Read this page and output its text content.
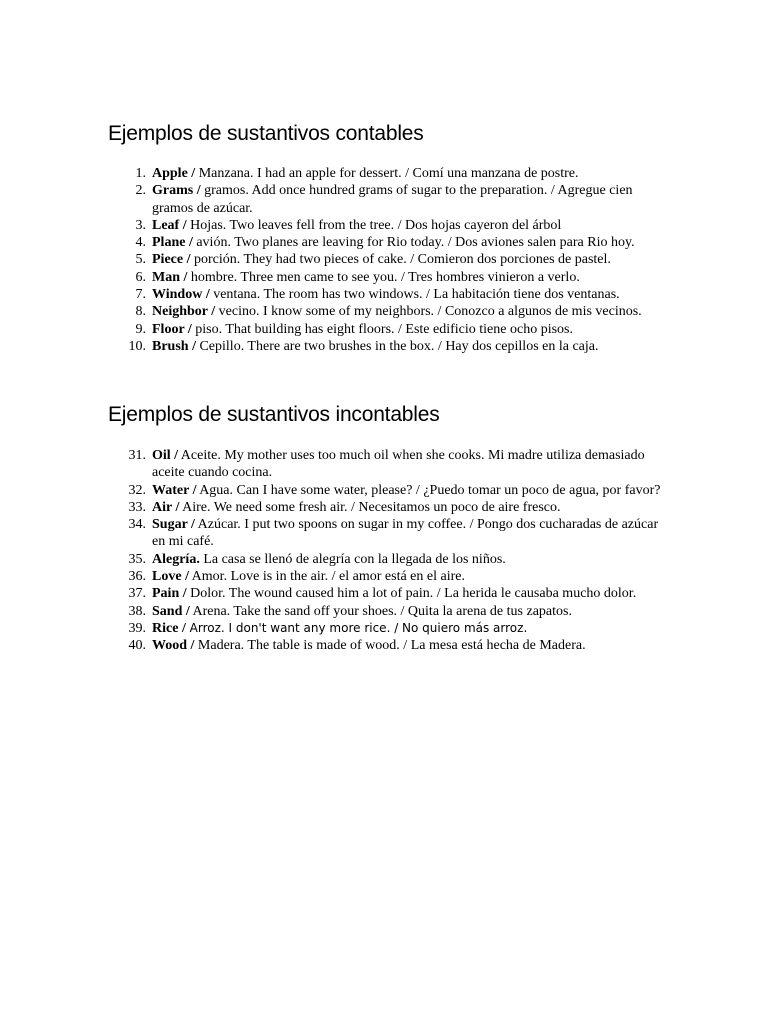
Ejemplos de sustantivos contables
1. Apple / Manzana. I had an apple for dessert. / Comí una manzana de postre.
2. Grams / gramos. Add once hundred grams of sugar to the preparation. / Agregue cien gramos de azúcar.
3. Leaf / Hojas. Two leaves fell from the tree. / Dos hojas cayeron del árbol
4. Plane / avión. Two planes are leaving for Rio today. / Dos aviones salen para Rio hoy.
5. Piece / porción. They had two pieces of cake. / Comieron dos porciones de pastel.
6. Man / hombre. Three men came to see you. / Tres hombres vinieron a verlo.
7. Window / ventana. The room has two windows. / La habitación tiene dos ventanas.
8. Neighbor / vecino. I know some of my neighbors. / Conozco a algunos de mis vecinos.
9. Floor / piso. That building has eight floors. / Este edificio tiene ocho pisos.
10. Brush / Cepillo. There are two brushes in the box. / Hay dos cepillos en la caja.
Ejemplos de sustantivos incontables
31. Oil / Aceite. My mother uses too much oil when she cooks. Mi madre utiliza demasiado aceite cuando cocina.
32. Water / Agua. Can I have some water, please? / ¿Puedo tomar un poco de agua, por favor?
33. Air / Aire. We need some fresh air. / Necesitamos un poco de aire fresco.
34. Sugar / Azúcar. I put two spoons on sugar in my coffee. / Pongo dos cucharadas de azúcar en mi café.
35. Alegría. La casa se llenó de alegría con la llegada de los niños.
36. Love / Amor. Love is in the air. / el amor está en el aire.
37. Pain / Dolor. The wound caused him a lot of pain. / La herida le causaba mucho dolor.
38. Sand / Arena. Take the sand off your shoes. / Quita la arena de tus zapatos.
39. Rice / Arroz. I don't want any more rice. / No quiero más arroz.
40. Wood / Madera. The table is made of wood. / La mesa está hecha de Madera.
